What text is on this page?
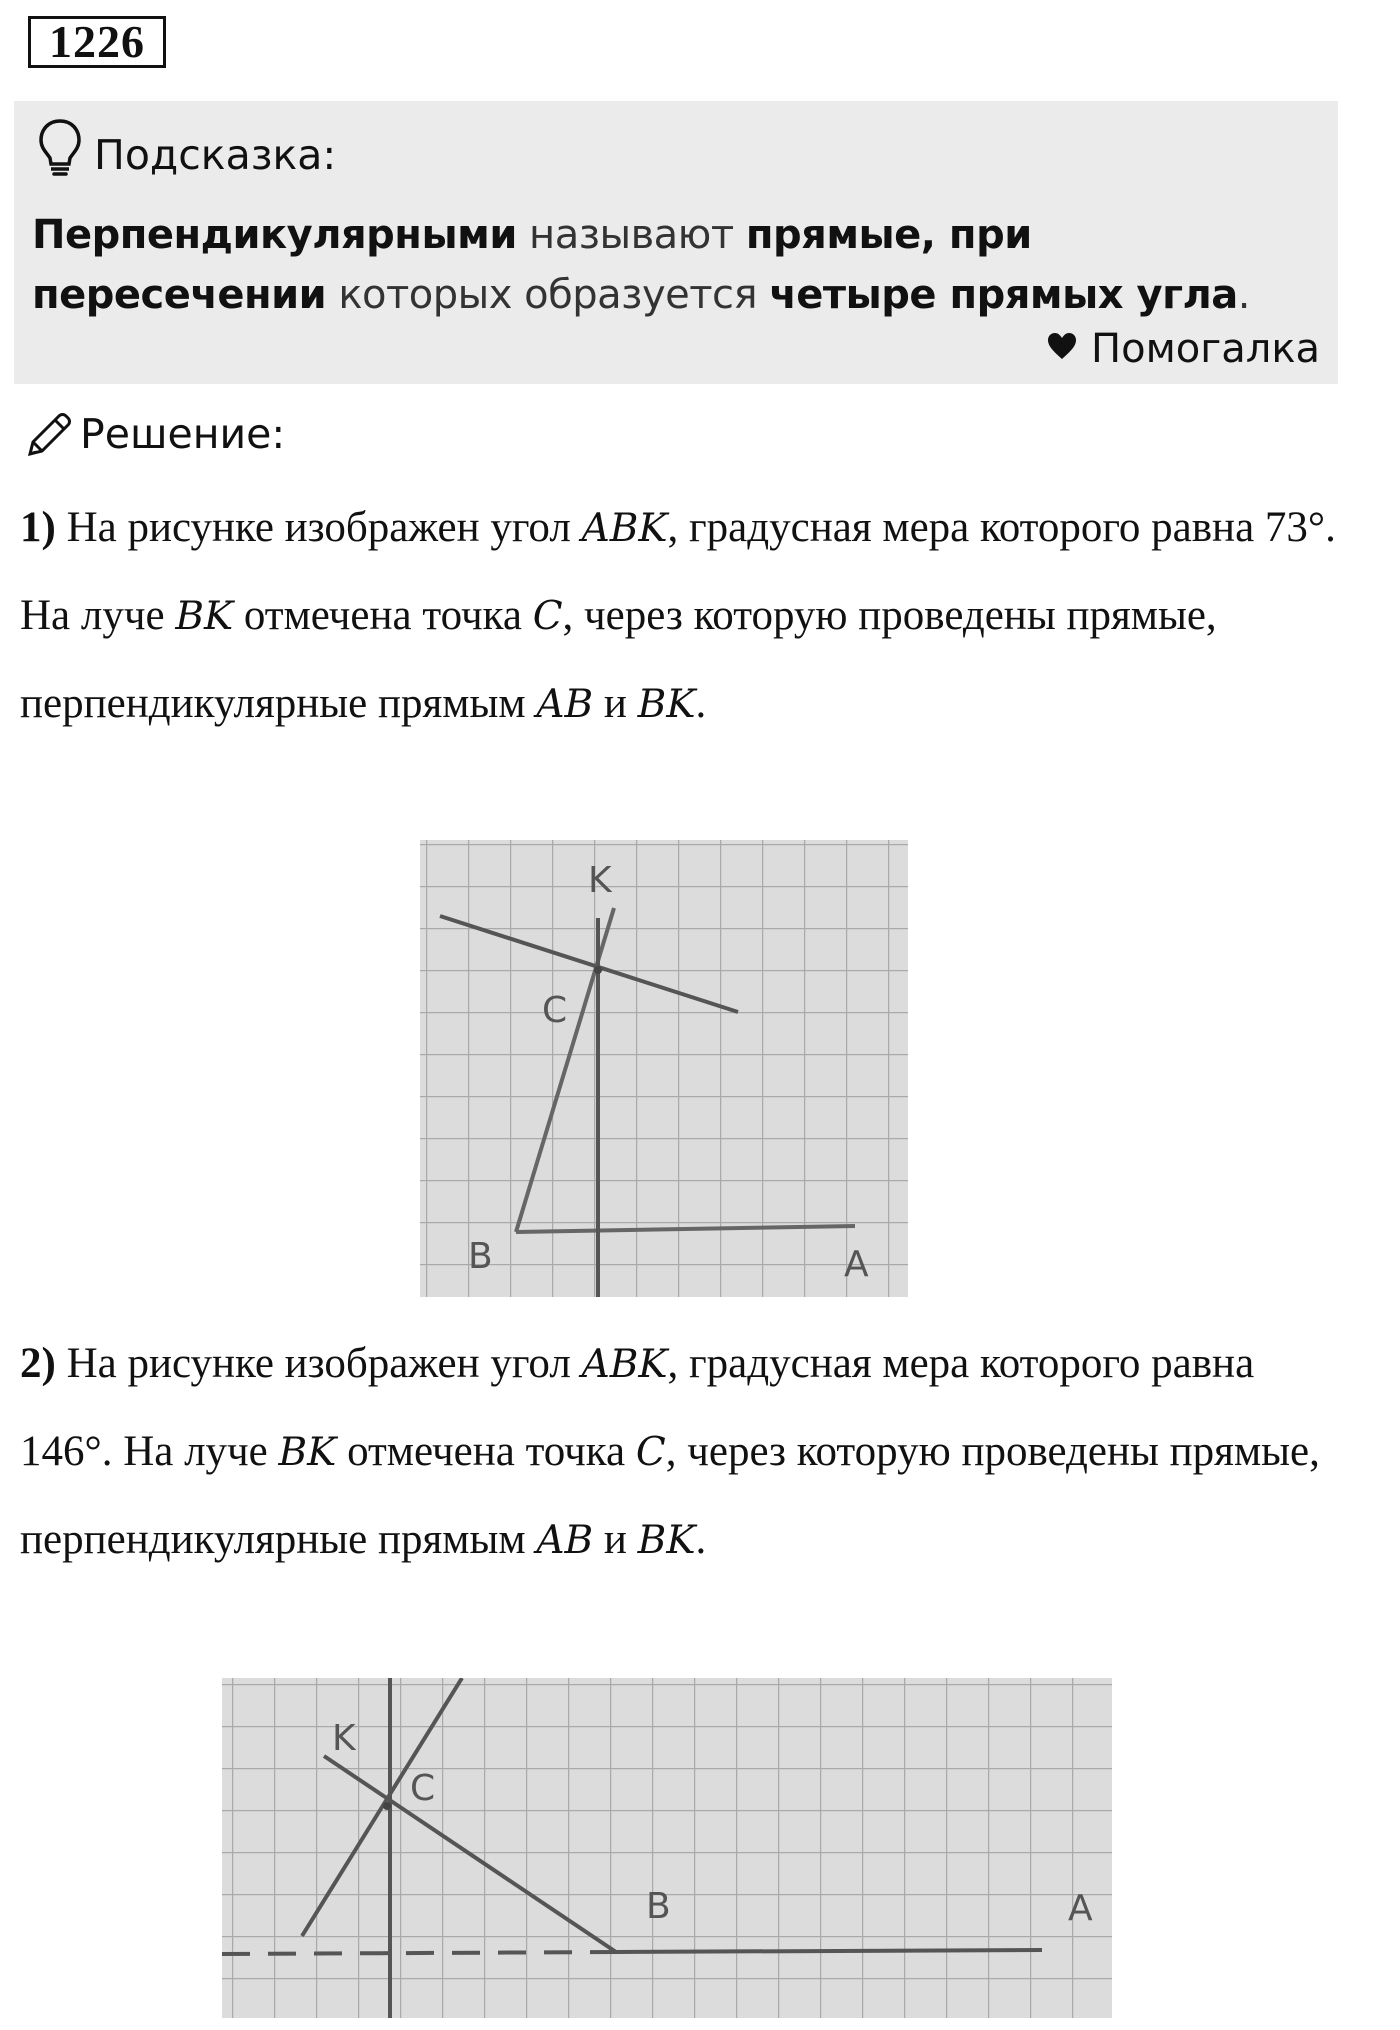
1226
Подсказка:
Перпендикулярными называют прямые, при пересечении которых образуется четыре прямых угла.
Помогалка
Решение:
1) На рисунке изображен угол ABK, градусная мера которого равна 73°. На луче BK отмечена точка C, через которую проведены прямые, перпендикулярные прямым AB и BK.
K
C
B	A
2) На рисунке изображен угол ABK, градусная мера которого равна 146°. На луче BK отмечена точка C, через которую проведены прямые, перпендикулярные прямым AB и BK.
K
C
B	A
